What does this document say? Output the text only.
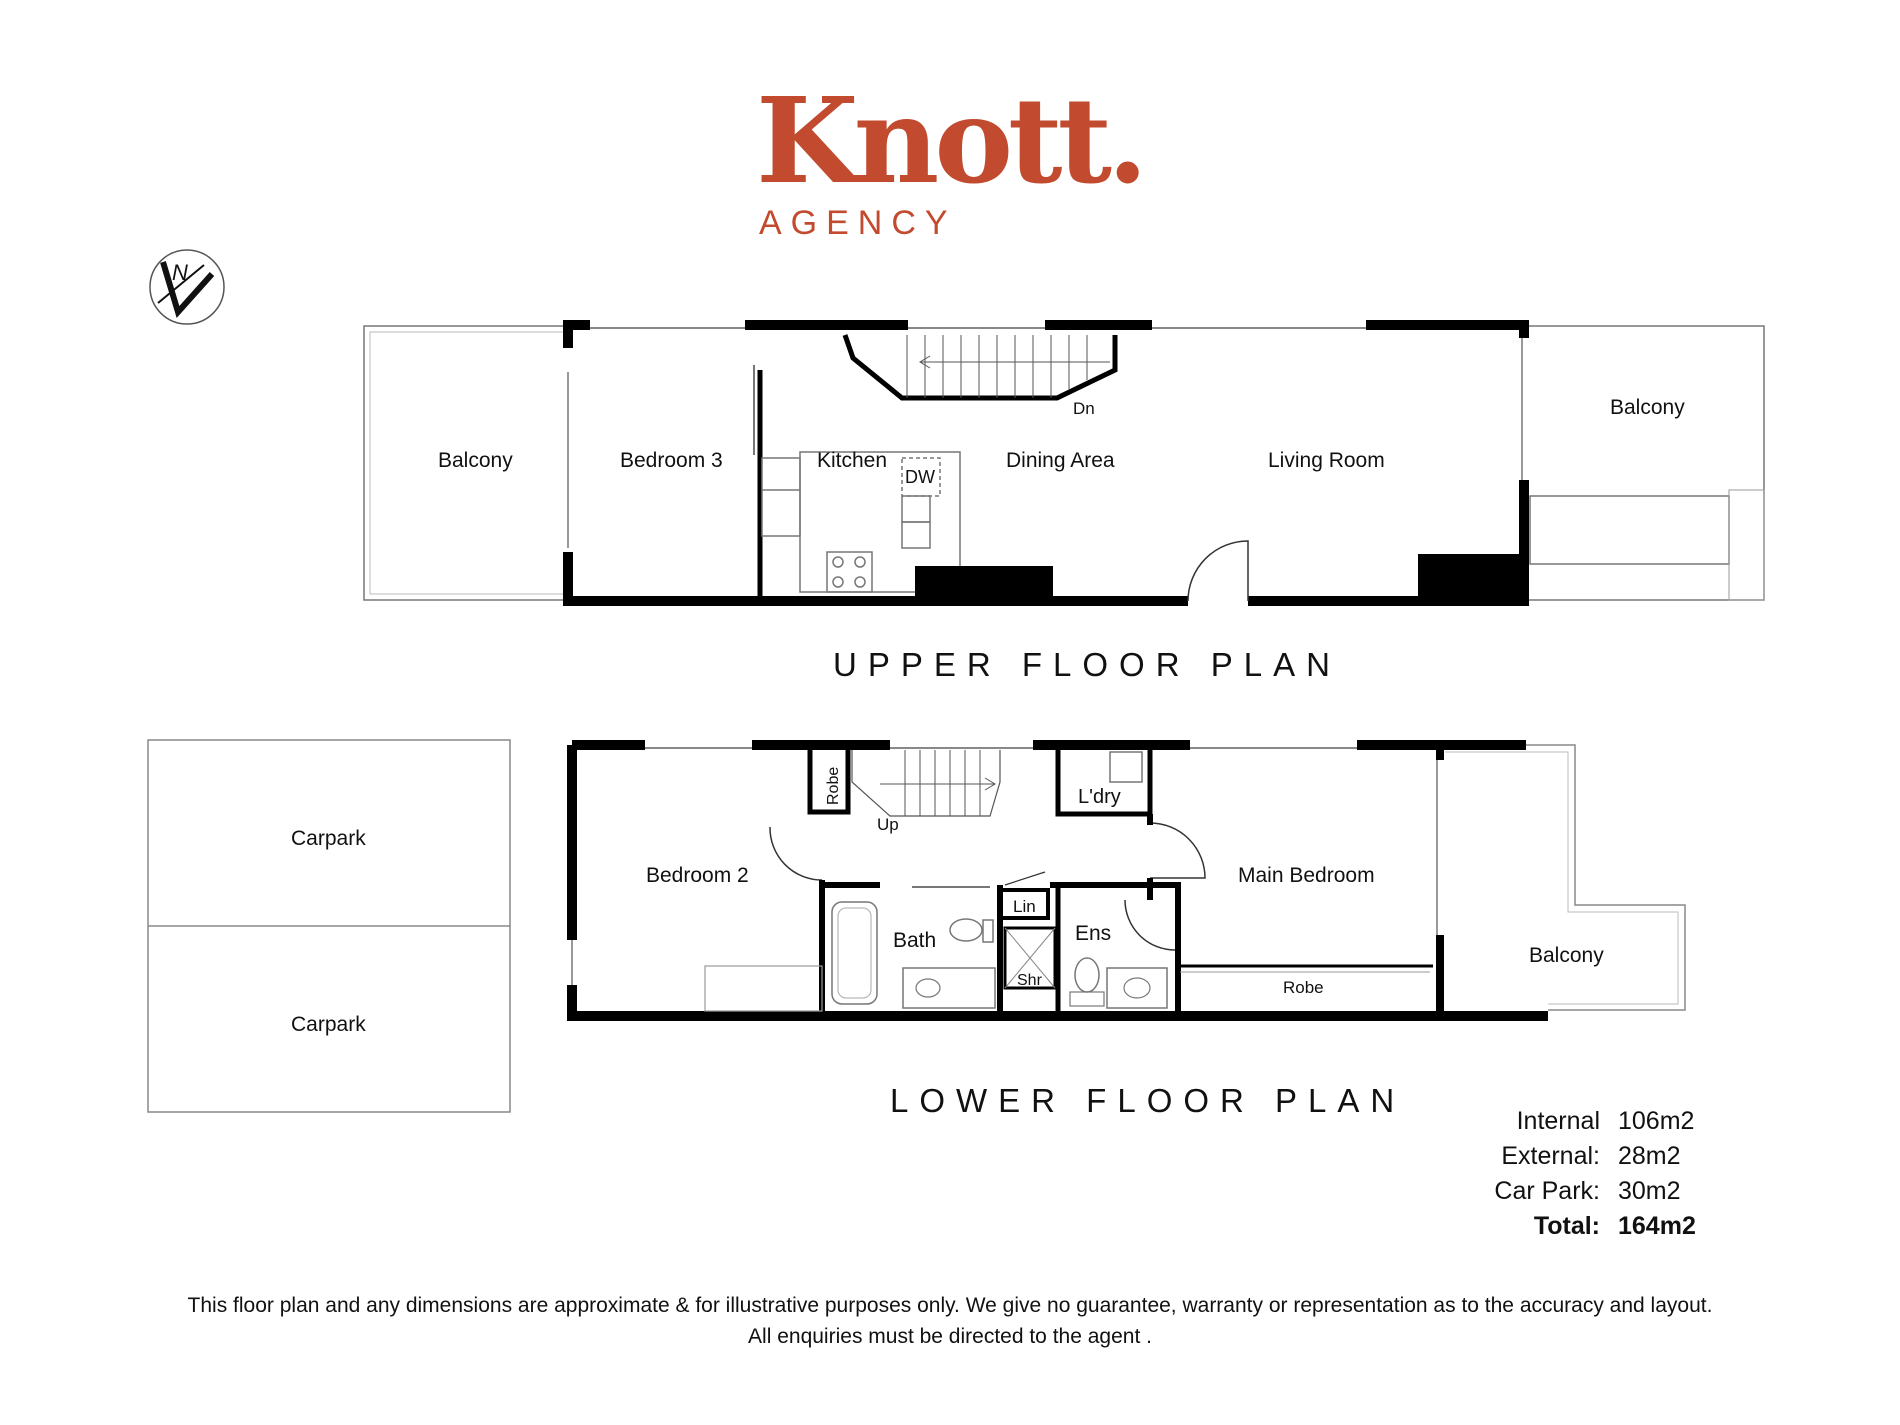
Knott.
AGENCY
N
Balcony	Bedroom 3	Kitchen
DW
Dining Area	Living Room
Balcony
Dn
Carpark
Carpark
Robe
Up
L'dry
Lin
Bath
Shr
Ens
Robe
Bedroom 2	Main Bedroom
Balcony
UPPER FLOOR PLAN
LOWER FLOOR PLAN
Internal 106m2
External: 28m2
Car Park: 30m2
Total: 164m2
This floor plan and any dimensions are approximate & for illustrative purposes only. We give no guarantee, warranty or representation as to the accuracy and layout.
All enquiries must be directed to the agent .
